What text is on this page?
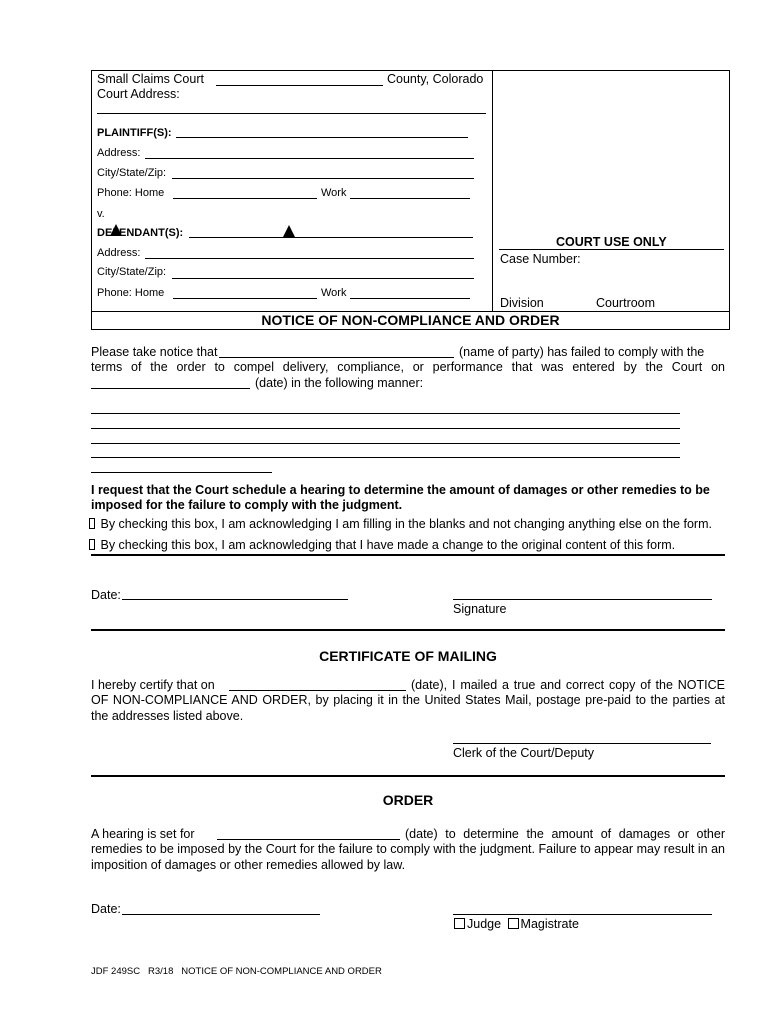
Small Claims Court	County, Colorado
Court Address:
PLAINTIFF(S):
Address:
City/State/Zip:
Phone: Home	Work
v.
DEFENDANT(S):
Address:
City/State/Zip:
Phone: Home	Work
COURT USE ONLY
Case Number:
Division	Courtroom
NOTICE OF NON-COMPLIANCE AND ORDER
Please take notice that	(name of party) has failed to comply with the
terms of the order to compel delivery, compliance, or performance that was entered by the Court on
(date) in the following manner:
I request that the Court schedule a hearing to determine the amount of damages or other remedies to be imposed for the failure to comply with the judgment.
By checking this box, I am acknowledging I am filling in the blanks and not changing anything else on the form.
By checking this box, I am acknowledging that I have made a change to the original content of this form.
Date:
Signature
CERTIFICATE OF MAILING
I hereby certify that on	(date), I mailed a true and correct copy of the NOTICE
OF NON-COMPLIANCE AND ORDER, by placing it in the United States Mail, postage pre-paid to the parties at the addresses listed above.
Clerk of the Court/Deputy
ORDER
A hearing is set for	(date) to determine the amount of damages or other
remedies to be imposed by the Court for the failure to comply with the judgment. Failure to appear may result in an imposition of damages or other remedies allowed by law.
Date:
Judge Magistrate
JDF 249SC   R3/18   NOTICE OF NON-COMPLIANCE AND ORDER
